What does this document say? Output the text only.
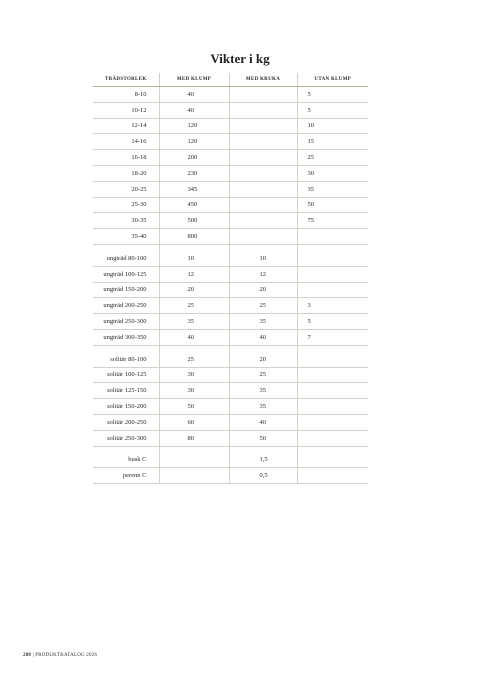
Vikter i kg
TRÄDSTORLEK	MED KLUMP	MED KRUKA	UTAN KLUMP
8-10	40		5
10-12	40		5
12-14	120		10
14-16	120		15
16-18	200		25
18-20	230		30
20-25	345		35
25-30	450		50
30-35	500		75
35-40	800		

ungträd 80-100	10	10	
ungträd 100-125	12	12	
ungträd 150-200	20	20	
ungträd 200-250	25	25	3
ungträd 250-300	35	35	5
ungträd 300-350	40	40	7

solitär 80-100	25	20	
solitär 100-125	30	25	
solitär 125-150	30	35	
solitär 150-200	50	35	
solitär 200-250	60	40	
solitär 250-300	80	50	

busk C		1,5	
perenn C		0,5	
280 | PRODUKTKATALOG 2026
